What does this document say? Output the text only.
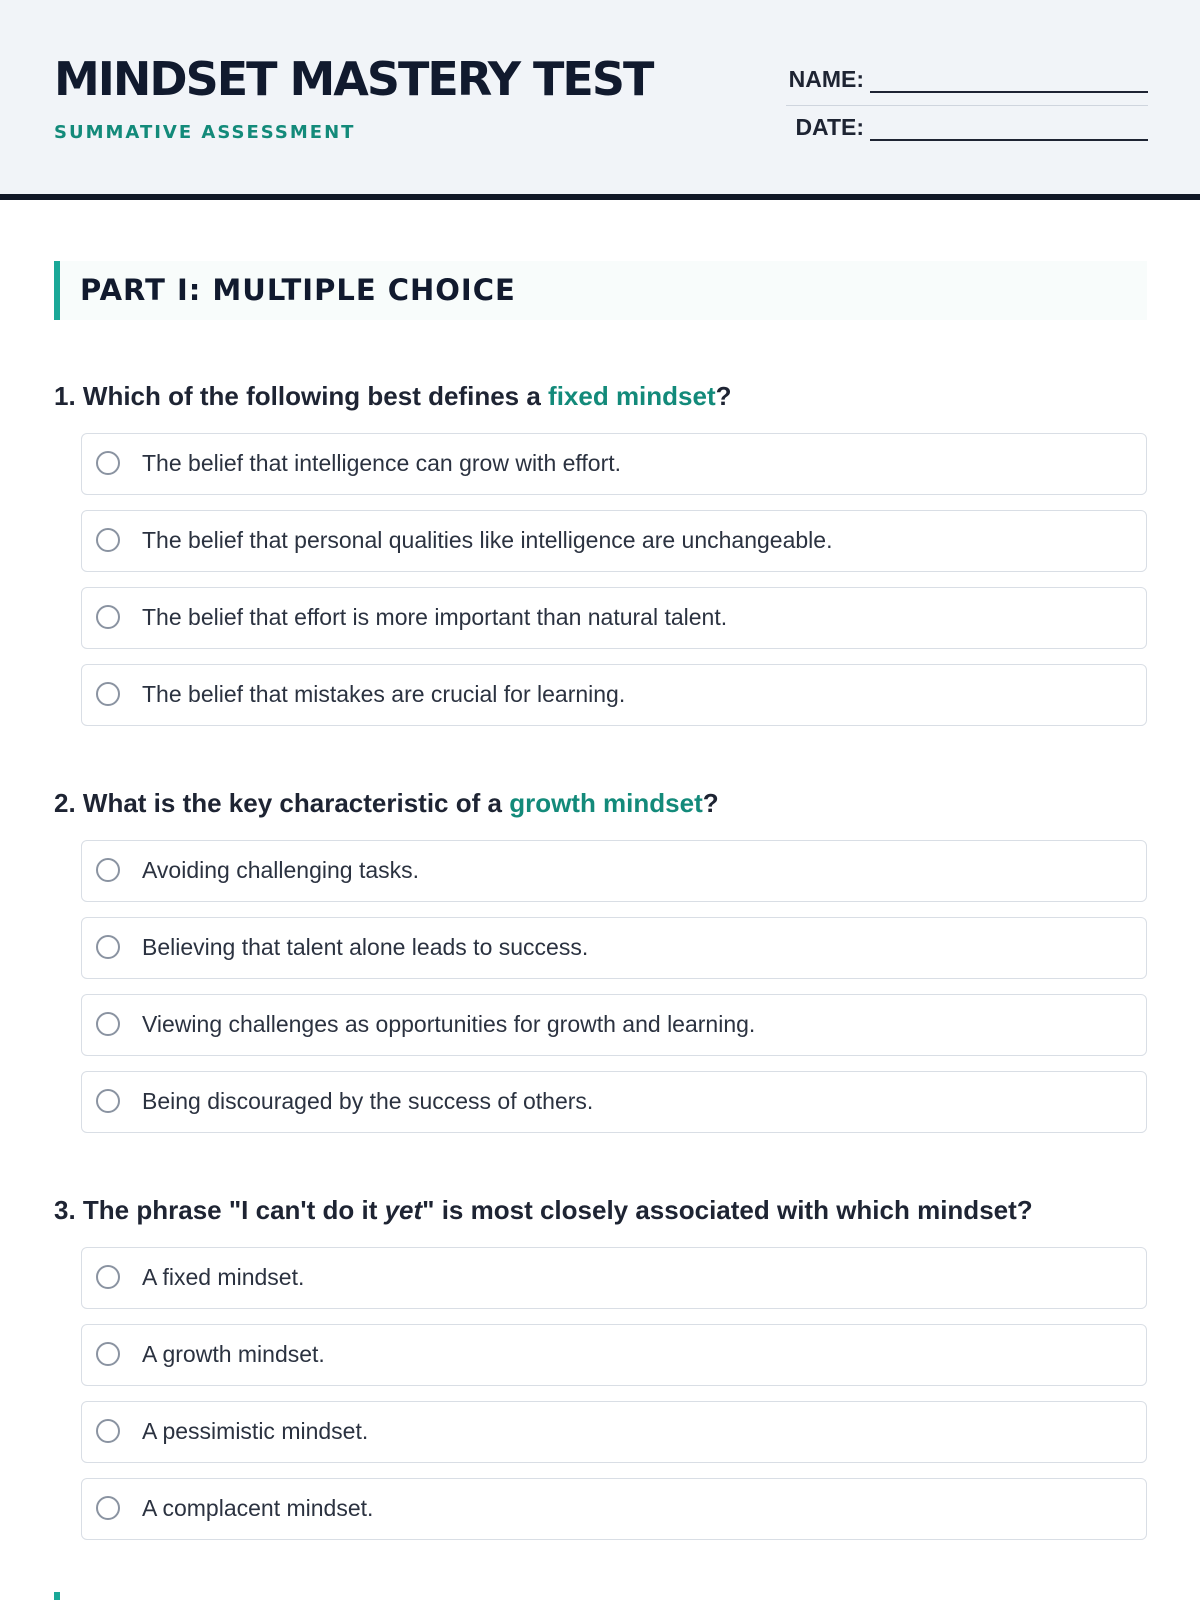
MINDSET MASTERY TEST
SUMMATIVE ASSESSMENT
NAME:
DATE:
PART I: MULTIPLE CHOICE

1. Which of the following best defines a fixed mindset?

The belief that intelligence can grow with effort.
The belief that personal qualities like intelligence are unchangeable.
The belief that effort is more important than natural talent.
The belief that mistakes are crucial for learning.

2. What is the key characteristic of a growth mindset?

Avoiding challenging tasks.
Believing that talent alone leads to success.
Viewing challenges as opportunities for growth and learning.
Being discouraged by the success of others.

3. The phrase "I can't do it yet" is most closely associated with which mindset?

A fixed mindset.
A growth mindset.
A pessimistic mindset.
A complacent mindset.
